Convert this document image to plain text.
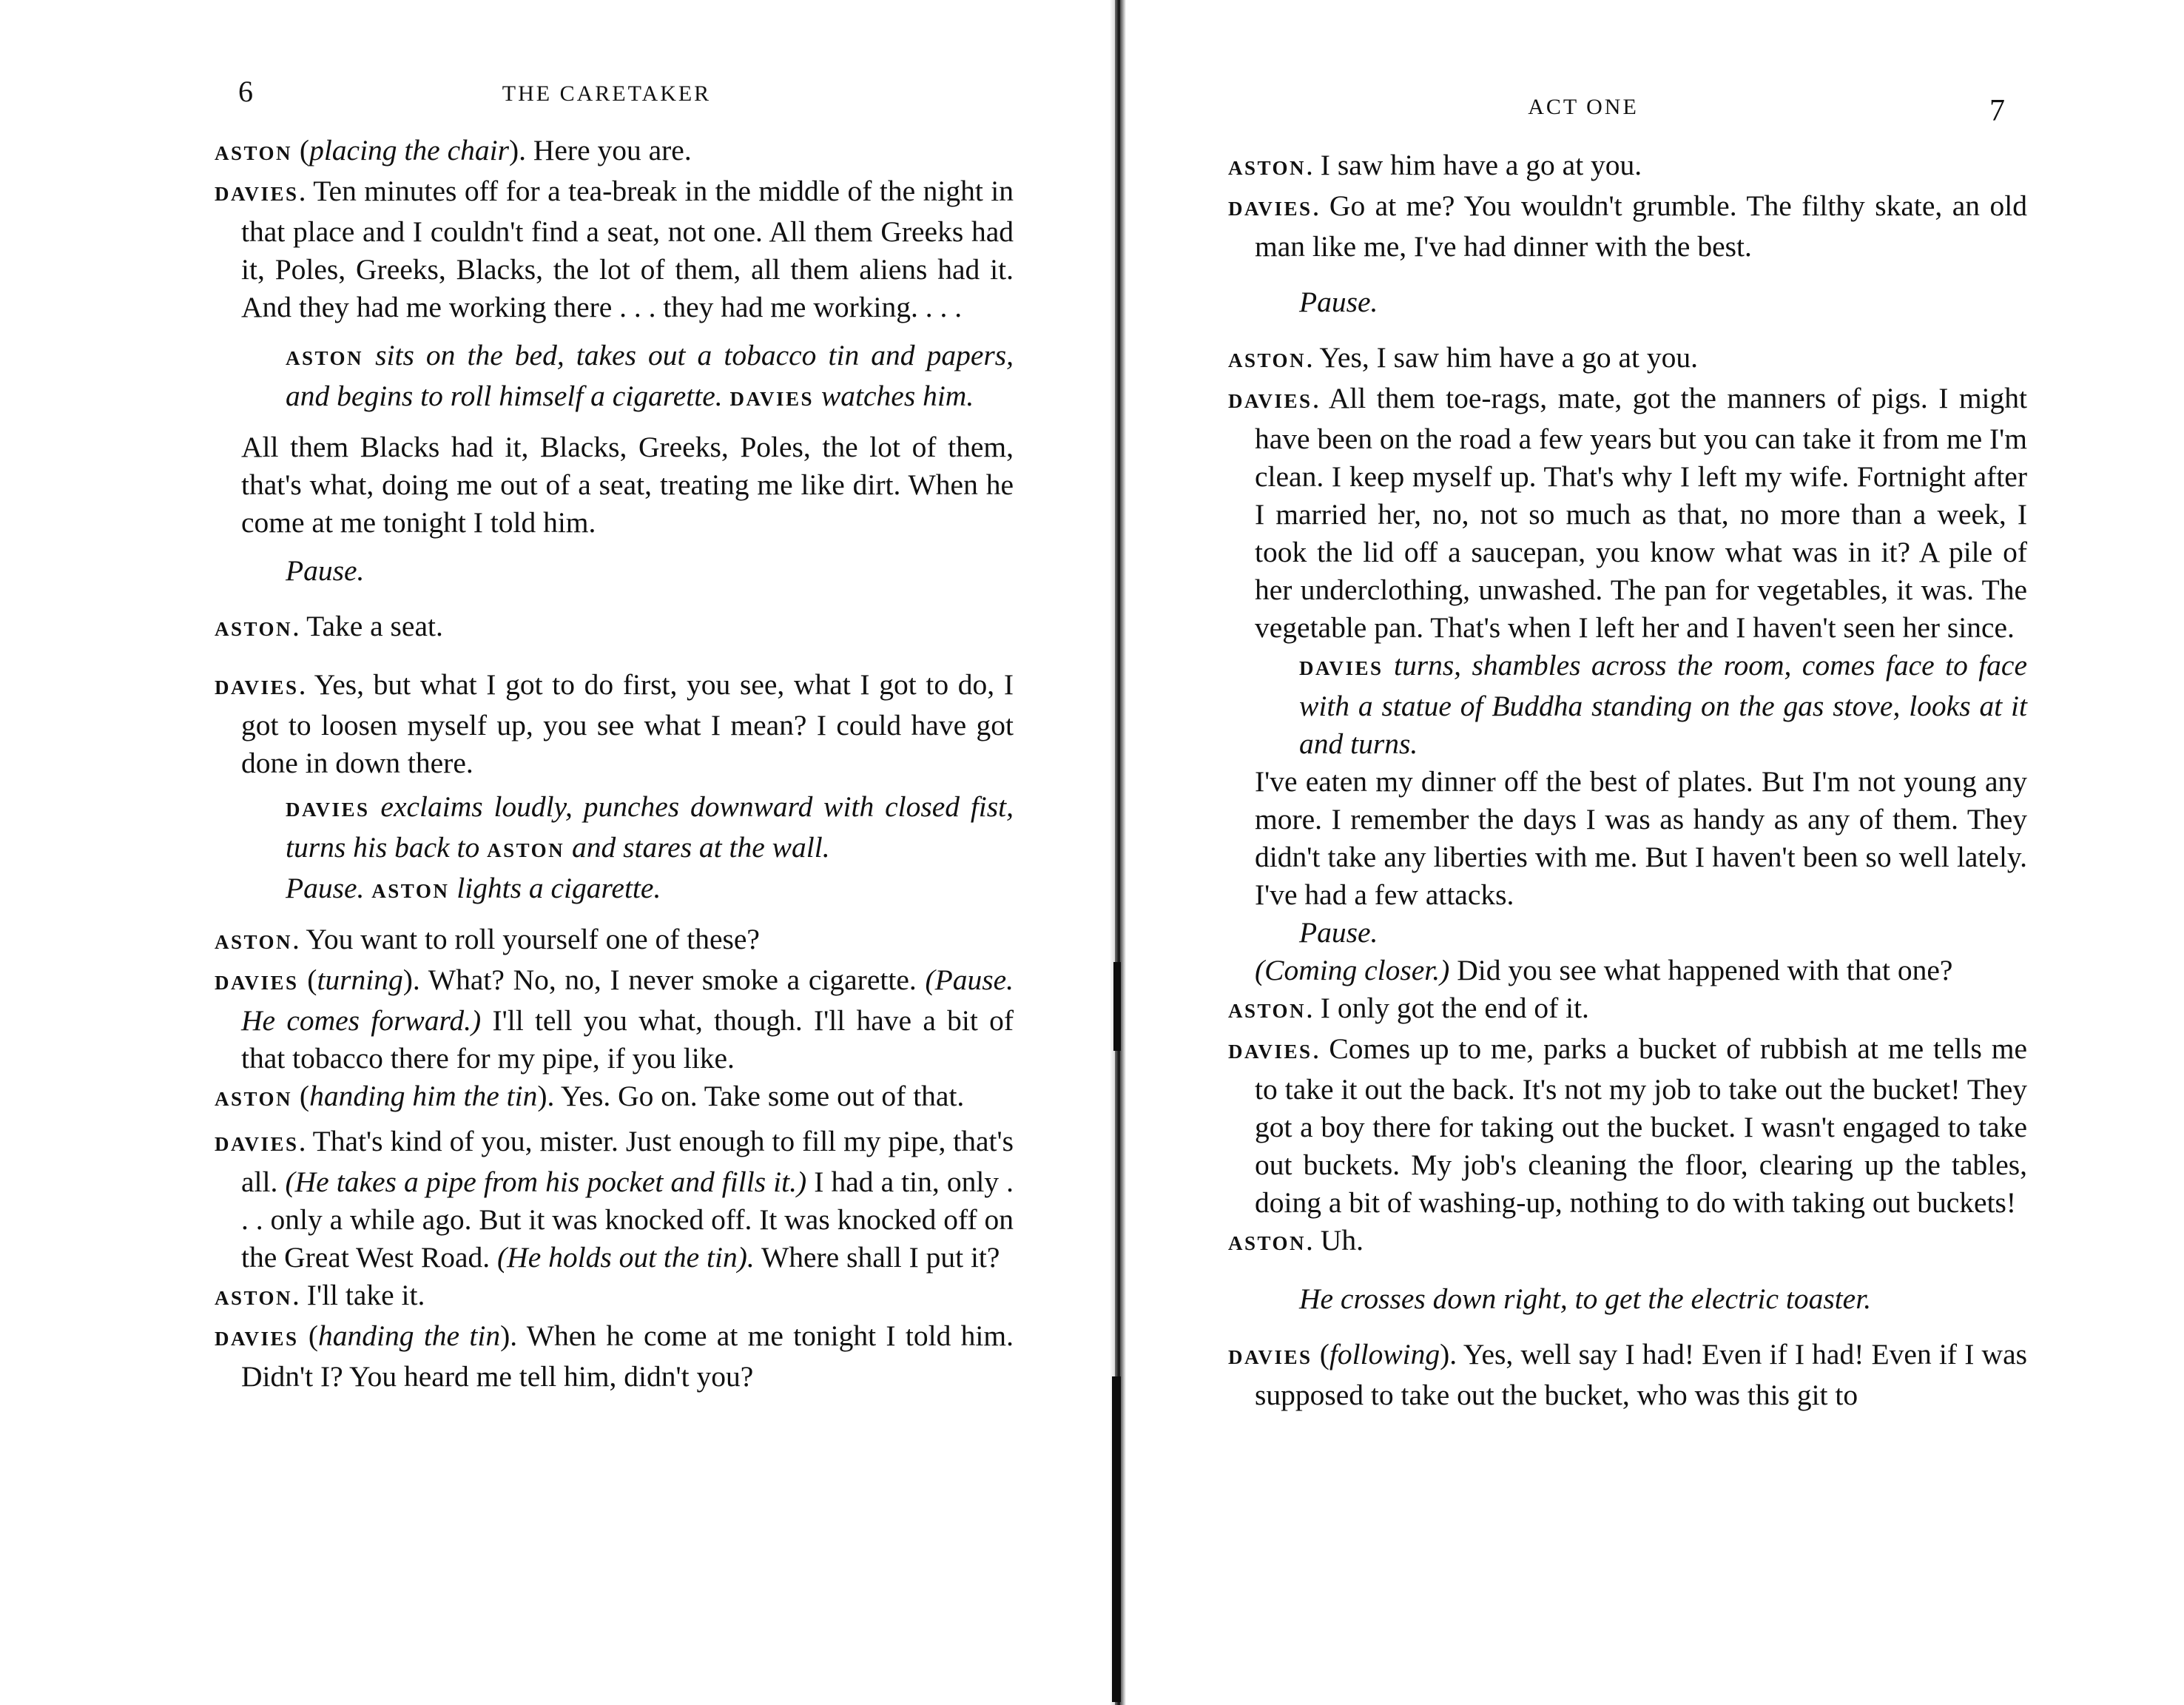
6	THE CARETAKER

ASTON (placing the chair). Here you are.

DAVIES. Ten minutes off for a tea-break in the middle of the night in that place and I couldn't find a seat, not one. All them Greeks had it, Poles, Greeks, Blacks, the lot of them, all them aliens had it. And they had me working there . . . they had me working. . . .

ASTON sits on the bed, takes out a tobacco tin and papers, and begins to roll himself a cigarette. DAVIES watches him.

All them Blacks had it, Blacks, Greeks, Poles, the lot of them, that's what, doing me out of a seat, treating me like dirt. When he come at me tonight I told him.

Pause.

ASTON. Take a seat.

DAVIES. Yes, but what I got to do first, you see, what I got to do, I got to loosen myself up, you see what I mean? I could have got done in down there.

DAVIES exclaims loudly, punches downward with closed fist, turns his back to ASTON and stares at the wall.

Pause. ASTON lights a cigarette.

ASTON. You want to roll yourself one of these?

DAVIES (turning). What? No, no, I never smoke a cigarette. (Pause. He comes forward.) I'll tell you what, though. I'll have a bit of that tobacco there for my pipe, if you like.

ASTON (handing him the tin). Yes. Go on. Take some out of that.

DAVIES. That's kind of you, mister. Just enough to fill my pipe, that's all. (He takes a pipe from his pocket and fills it.) I had a tin, only . . . only a while ago. But it was knocked off. It was knocked off on the Great West Road. (He holds out the tin). Where shall I put it?

ASTON. I'll take it.

DAVIES (handing the tin). When he come at me tonight I told him. Didn't I? You heard me tell him, didn't you?

ACT ONE	7

ASTON. I saw him have a go at you.

DAVIES. Go at me? You wouldn't grumble. The filthy skate, an old man like me, I've had dinner with the best.

Pause.

ASTON. Yes, I saw him have a go at you.

DAVIES. All them toe-rags, mate, got the manners of pigs. I might have been on the road a few years but you can take it from me I'm clean. I keep myself up. That's why I left my wife. Fortnight after I married her, no, not so much as that, no more than a week, I took the lid off a saucepan, you know what was in it? A pile of her underclothing, unwashed. The pan for vegetables, it was. The vegetable pan. That's when I left her and I haven't seen her since.

DAVIES turns, shambles across the room, comes face to face with a statue of Buddha standing on the gas stove, looks at it and turns.

I've eaten my dinner off the best of plates. But I'm not young any more. I remember the days I was as handy as any of them. They didn't take any liberties with me. But I haven't been so well lately. I've had a few attacks.

Pause.

(Coming closer.) Did you see what happened with that one?

ASTON. I only got the end of it.

DAVIES. Comes up to me, parks a bucket of rubbish at me tells me to take it out the back. It's not my job to take out the bucket! They got a boy there for taking out the bucket. I wasn't engaged to take out buckets. My job's cleaning the floor, clearing up the tables, doing a bit of washing-up, nothing to do with taking out buckets!

ASTON. Uh.

He crosses down right, to get the electric toaster.

DAVIES (following). Yes, well say I had! Even if I had! Even if I was supposed to take out the bucket, who was this git to
